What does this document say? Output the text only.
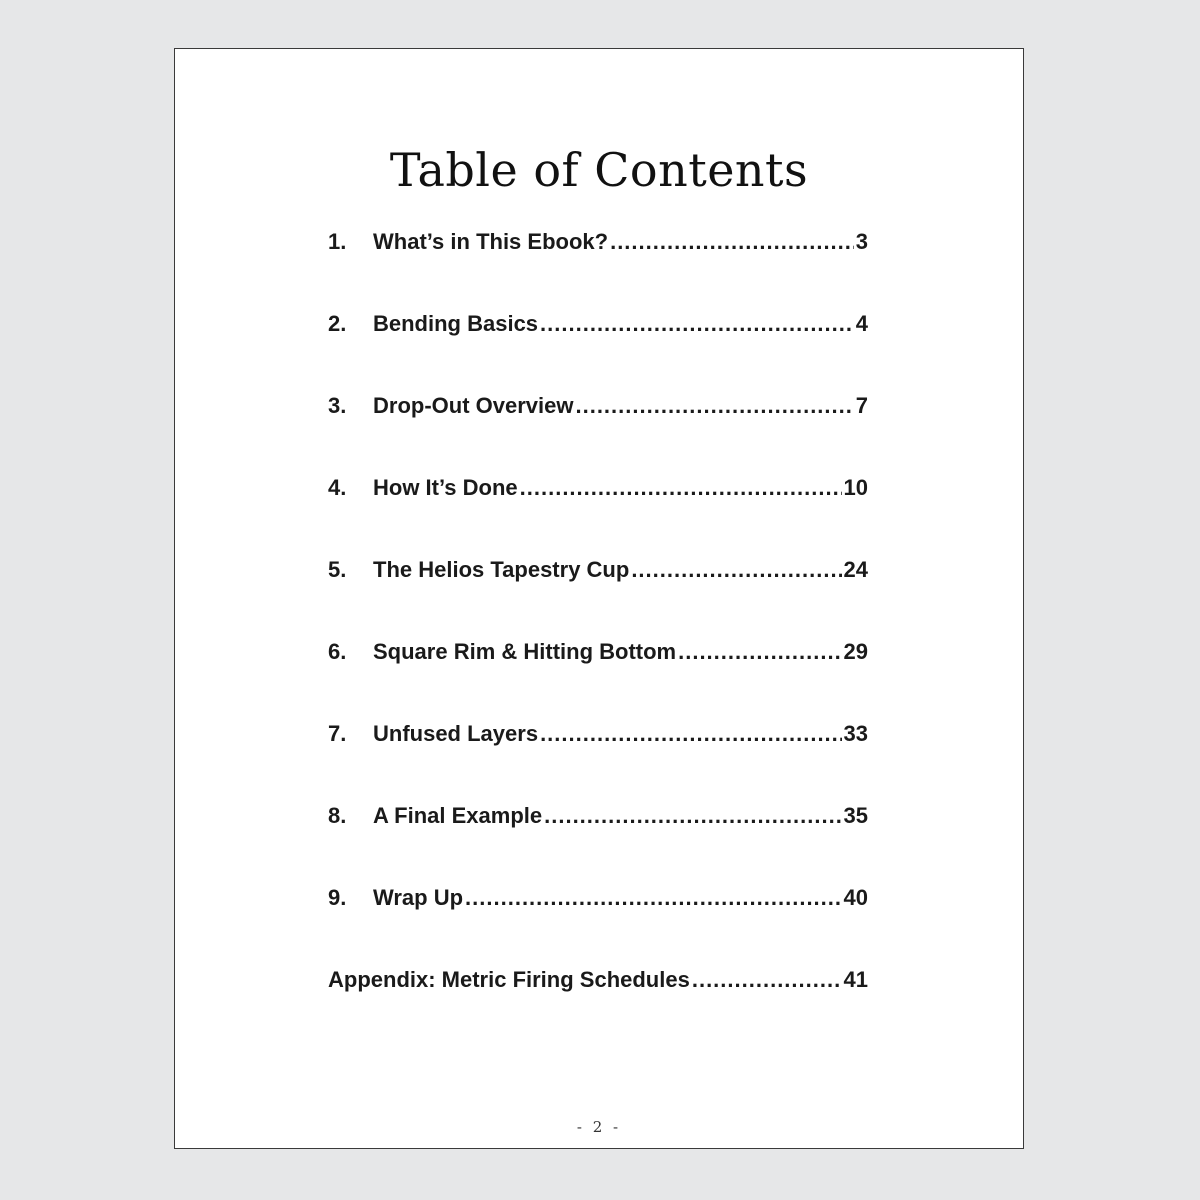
Table of Contents
1.	What’s in This Ebook? .....	3
2.	Bending Basics .....	4
3.	Drop-Out Overview .....	7
4.	How It’s Done .....	10
5.	The Helios Tapestry Cup .....	24
6.	Square Rim & Hitting Bottom .....	29
7.	Unfused Layers .....	33
8.	A Final Example .....	35
9.	Wrap Up .....	40
Appendix: Metric Firing Schedules .....	41
- 2 -
